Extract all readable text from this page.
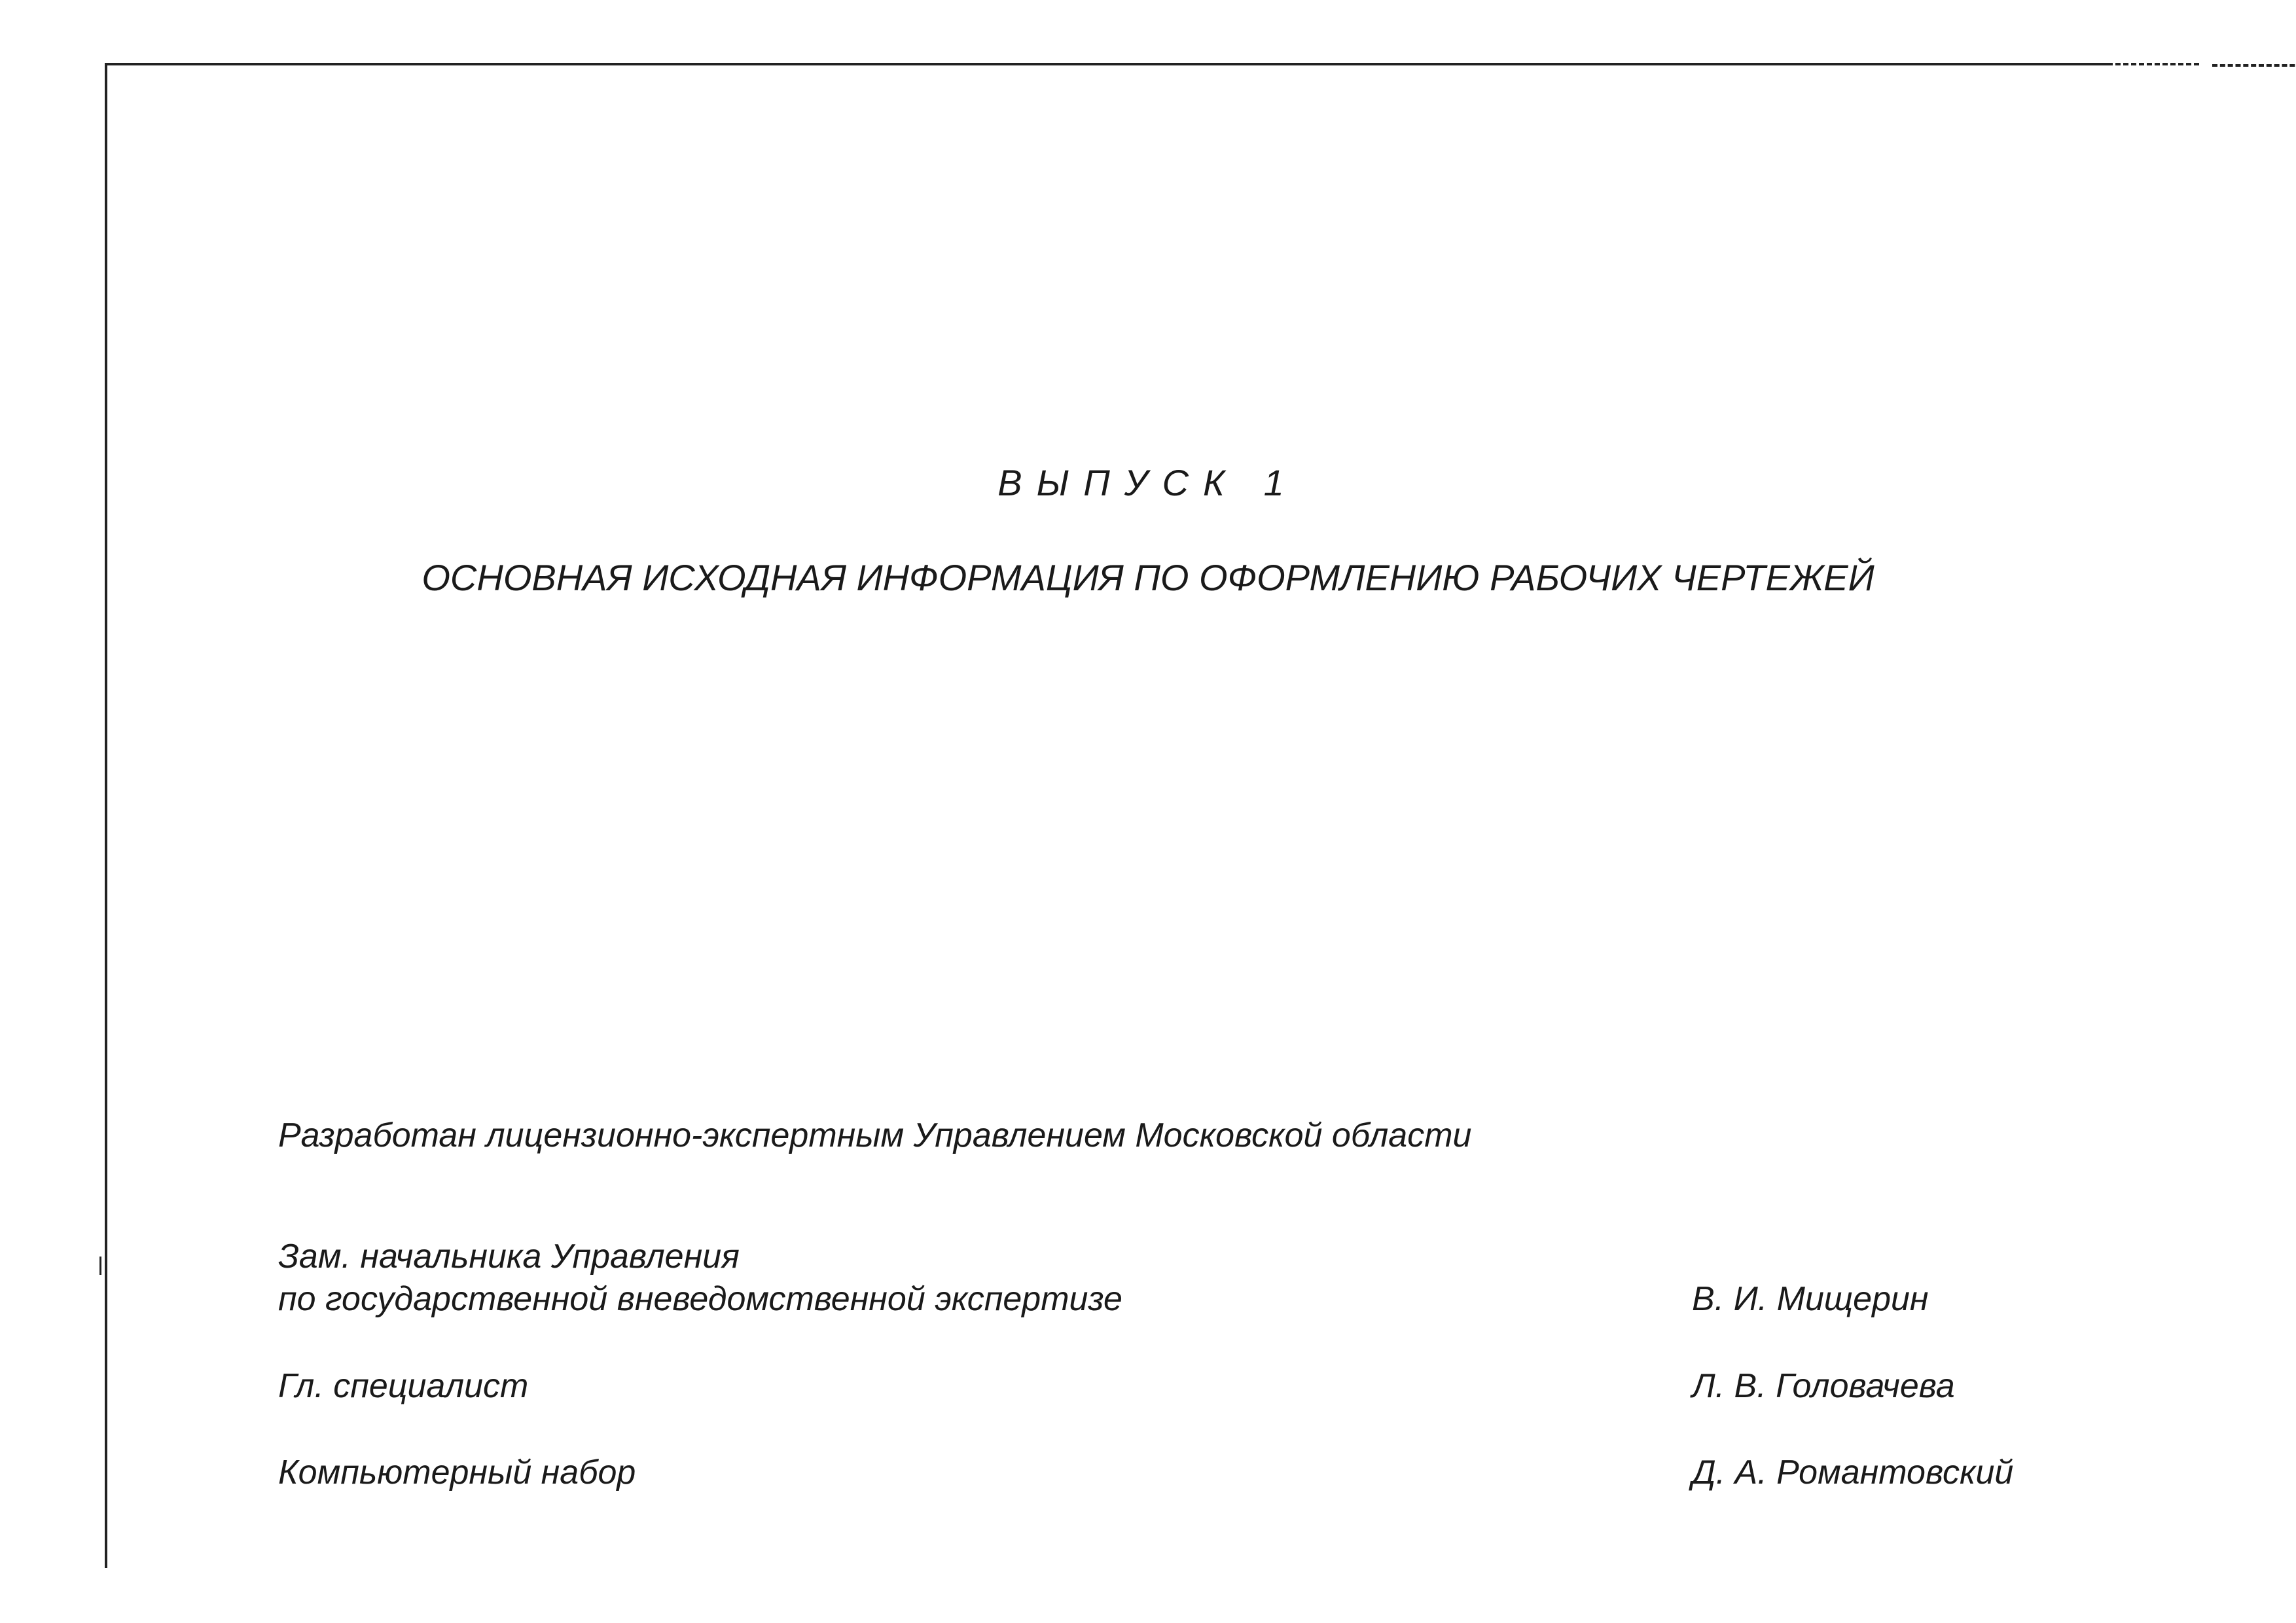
ВЫПУСК 1
ОСНОВНАЯ ИСХОДНАЯ ИНФОРМАЦИЯ ПО ОФОРМЛЕНИЮ РАБОЧИХ ЧЕРТЕЖЕЙ
Разработан лицензионно-экспертным Управлением Московской области
Зам. начальника Управления
по государственной вневедомственной экспертизе	В. И. Мищерин
Гл. специалист	Л. В. Головачева
Компьютерный набор	Д. А. Романтовский
